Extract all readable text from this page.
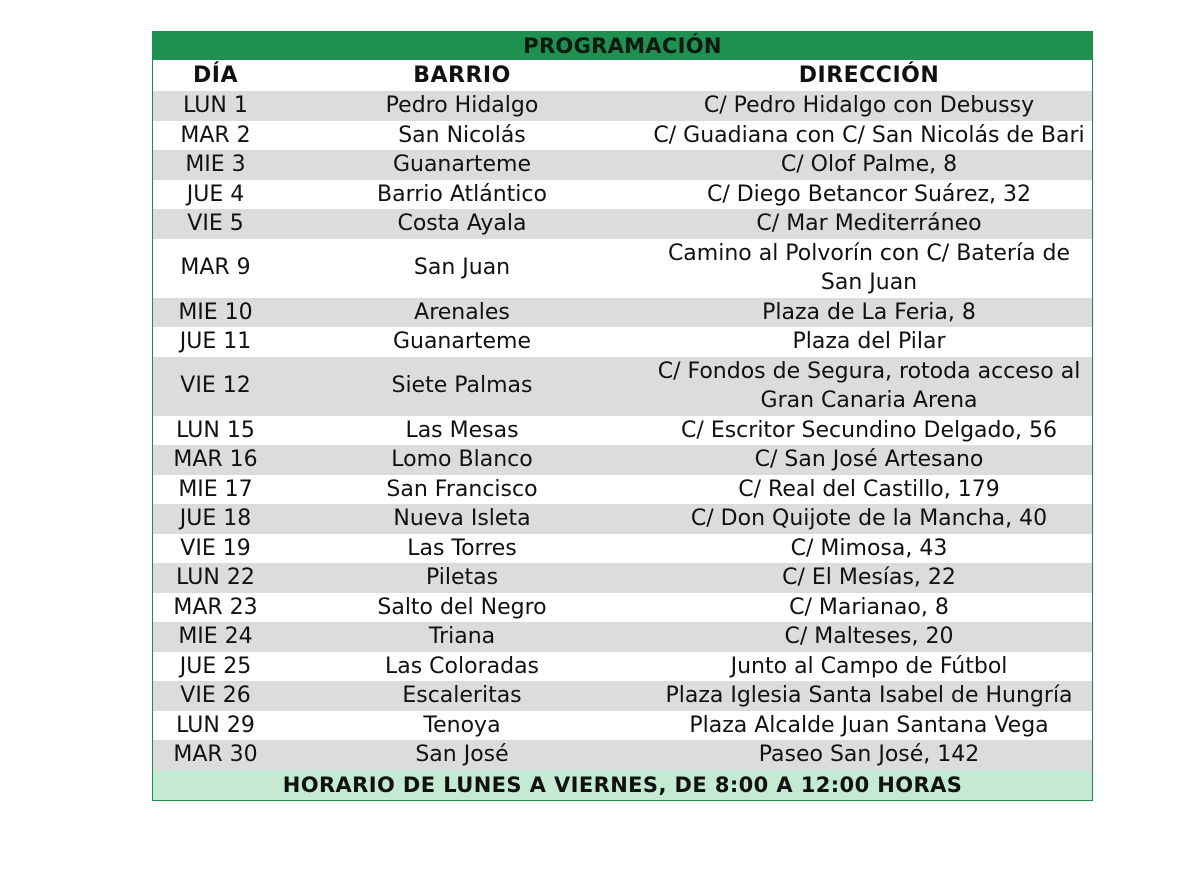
PROGRAMACIÓN		
DÍA	BARRIO	DIRECCIÓN
LUN 1	Pedro Hidalgo	C/ Pedro Hidalgo con Debussy
MAR 2	San Nicolás	C/ Guadiana con C/ San Nicolás de Bari
MIE 3	Guanarteme	C/ Olof Palme, 8
JUE 4	Barrio Atlántico	C/ Diego Betancor Suárez, 32
VIE 5	Costa Ayala	C/ Mar Mediterráneo
MAR 9	San Juan	Camino al Polvorín con C/ Batería de San Juan
MIE 10	Arenales	Plaza de La Feria, 8
JUE 11	Guanarteme	Plaza del Pilar
VIE 12	Siete Palmas	C/ Fondos de Segura, rotoda acceso al Gran Canaria Arena
LUN 15	Las Mesas	C/ Escritor Secundino Delgado, 56
MAR 16	Lomo Blanco	C/ San José Artesano
MIE 17	San Francisco	C/ Real del Castillo, 179
JUE 18	Nueva Isleta	C/ Don Quijote de la Mancha, 40
VIE 19	Las Torres	C/ Mimosa, 43
LUN 22	Piletas	C/ El Mesías, 22
MAR 23	Salto del Negro	C/ Marianao, 8
MIE 24	Triana	C/ Malteses, 20
JUE 25	Las Coloradas	Junto al Campo de Fútbol
VIE 26	Escaleritas	Plaza Iglesia Santa Isabel de Hungría
LUN 29	Tenoya	Plaza Alcalde Juan Santana Vega
MAR 30	San José	Paseo San José, 142
HORARIO DE LUNES A VIERNES, DE 8:00 A 12:00 HORAS		
